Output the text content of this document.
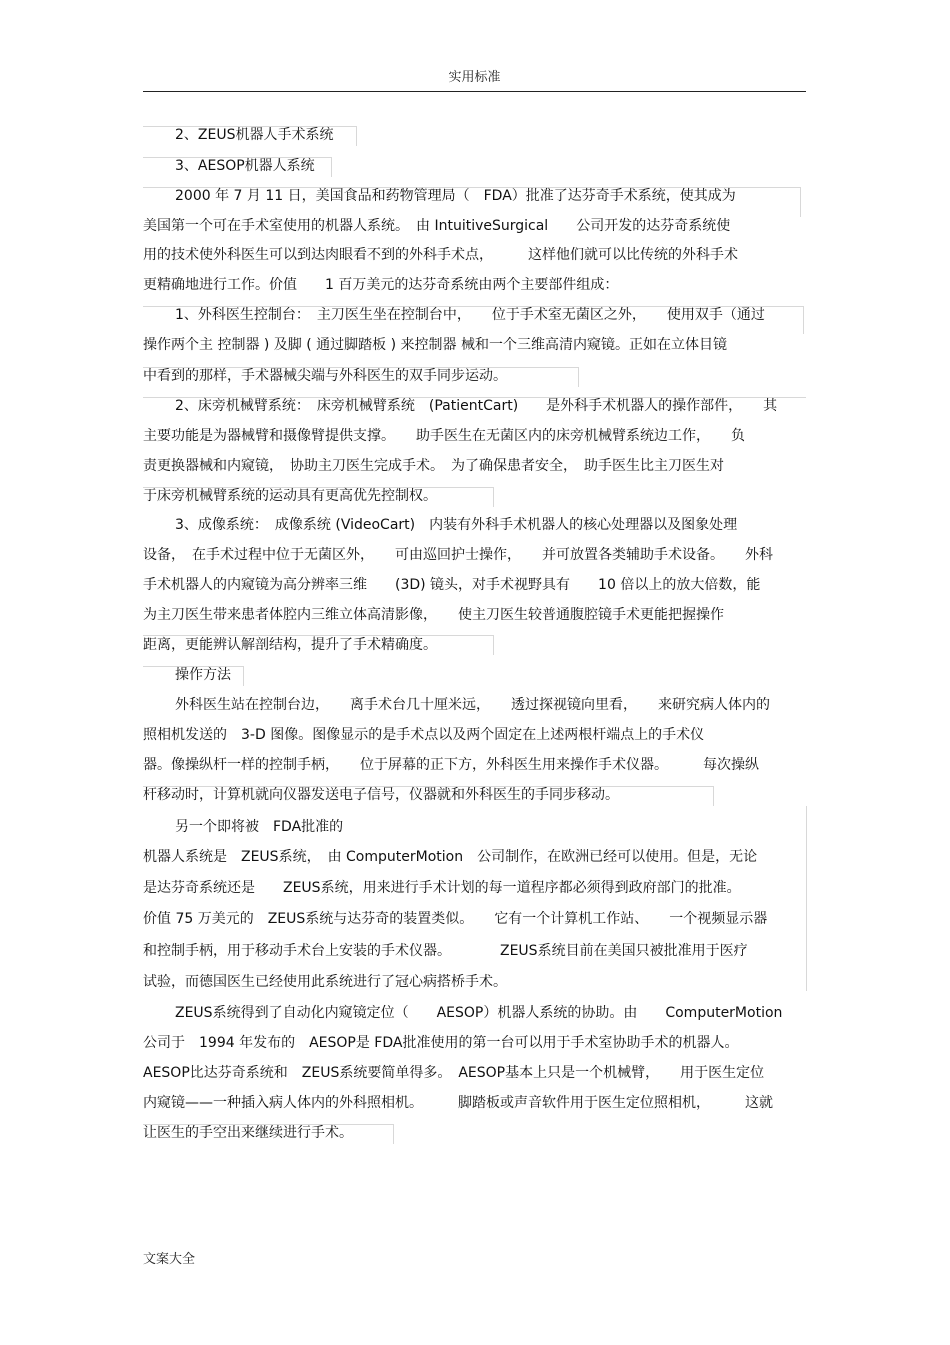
实用标准
2、ZEUS机器人手术系统
3、AESOP机器人系统
2000 年 7 月 11 日，美国食品和药物管理局（　FDA）批准了达芬奇手术系统，使其成为
美国第一个可在手术室使用的机器人系统。　由 IntuitiveSurgical　　公司开发的达芬奇系统使
用的技术使外科医生可以到达肉眼看不到的外科手术点，　　　这样他们就可以比传统的外科手术
更精确地进行工作。价值　　1 百万美元的达芬奇系统由两个主要部件组成：
1、外科医生控制台：　主刀医生坐在控制台中，　　位于手术室无菌区之外，　　使用双手（通过
操作两个主 控制器 ) 及脚 ( 通过脚踏板 ) 来控制器 械和一个三维高清内窥镜。正如在立体目镜
中看到的那样，手术器械尖端与外科医生的双手同步运动。
2、床旁机械臂系统：　床旁机械臂系统　(PatientCart)　　是外科手术机器人的操作部件，　　其
主要功能是为器械臂和摄像臂提供支撑。　　助手医生在无菌区内的床旁机械臂系统边工作，　　负
责更换器械和内窥镜，　协助主刀医生完成手术。　为了确保患者安全，　助手医生比主刀医生对
于床旁机械臂系统的运动具有更高优先控制权。
3、成像系统：　成像系统 (VideoCart)　内装有外科手术机器人的核心处理器以及图象处理
设备，　在手术过程中位于无菌区外，　　可由巡回护士操作，　　并可放置各类辅助手术设备。　　外科
手术机器人的内窥镜为高分辨率三维　　(3D) 镜头，对手术视野具有　　10 倍以上的放大倍数，能
为主刀医生带来患者体腔内三维立体高清影像，　　使主刀医生较普通腹腔镜手术更能把握操作
距离，更能辨认解剖结构，提升了手术精确度。
操作方法
外科医生站在控制台边，　　离手术台几十厘米远，　　透过探视镜向里看，　　来研究病人体内的
照相机发送的　3-D 图像。图像显示的是手术点以及两个固定在上述两根杆端点上的手术仪
器。像操纵杆一样的控制手柄，　　位于屏幕的正下方，外科医生用来操作手术仪器。　　　每次操纵
杆移动时，计算机就向仪器发送电子信号，仪器就和外科医生的手同步移动。
另一个即将被　FDA批准的
机器人系统是　ZEUS系统，　由 ComputerMotion　公司制作，在欧洲已经可以使用。但是，无论
是达芬奇系统还是　　ZEUS系统，用来进行手术计划的每一道程序都必须得到政府部门的批准。
价值 75 万美元的　ZEUS系统与达芬奇的装置类似。　　它有一个计算机工作站、　　一个视频显示器
和控制手柄，用于移动手术台上安装的手术仪器。　　　　ZEUS系统目前在美国只被批准用于医疗
试验，而德国医生已经使用此系统进行了冠心病搭桥手术。
ZEUS系统得到了自动化内窥镜定位（　　AESOP）机器人系统的协助。由　　ComputerMotion
公司于　1994 年发布的　AESOP是 FDA批准使用的第一台可以用于手术室协助手术的机器人。
AESOP比达芬奇系统和　ZEUS系统要简单得多。　AESOP基本上只是一个机械臂，　　用于医生定位
内窥镜——一种插入病人体内的外科照相机。　　　脚踏板或声音软件用于医生定位照相机，　　　这就
让医生的手空出来继续进行手术。
文案大全
